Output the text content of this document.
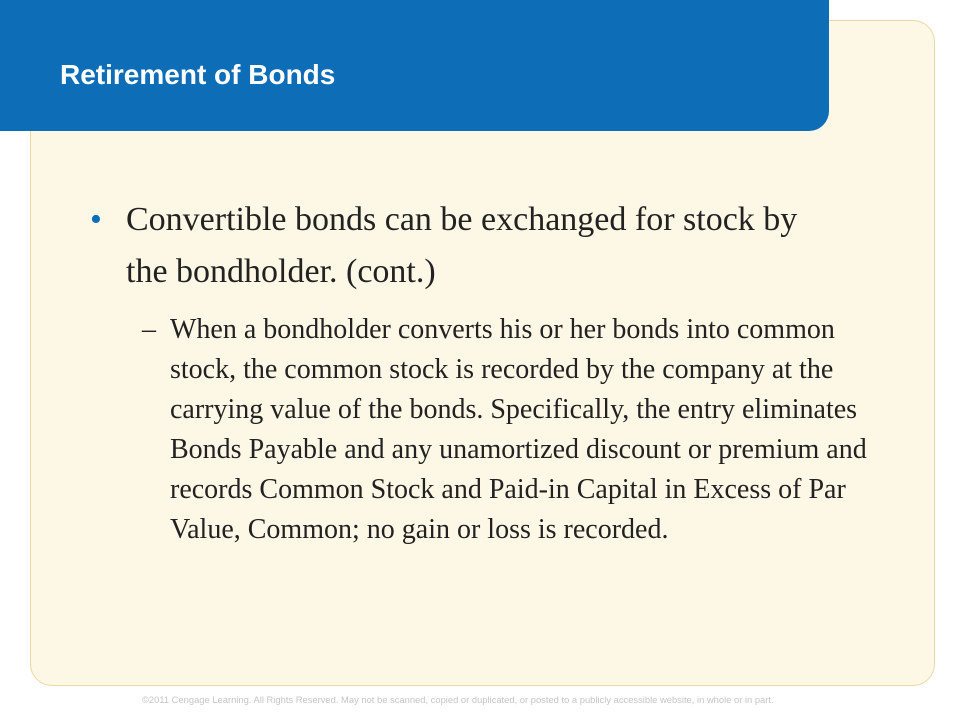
Retirement of Bonds
• Convertible bonds can be exchanged for stock by the bondholder. (cont.)

– When a bondholder converts his or her bonds into common stock, the common stock is recorded by the company at the carrying value of the bonds. Specifically, the entry eliminates Bonds Payable and any unamortized discount or premium and records Common Stock and Paid-in Capital in Excess of Par Value, Common; no gain or loss is recorded.

©2011 Cengage Learning. All Rights Reserved. May not be scanned, copied or duplicated, or posted to a publicly accessible website, in whole or in part.
